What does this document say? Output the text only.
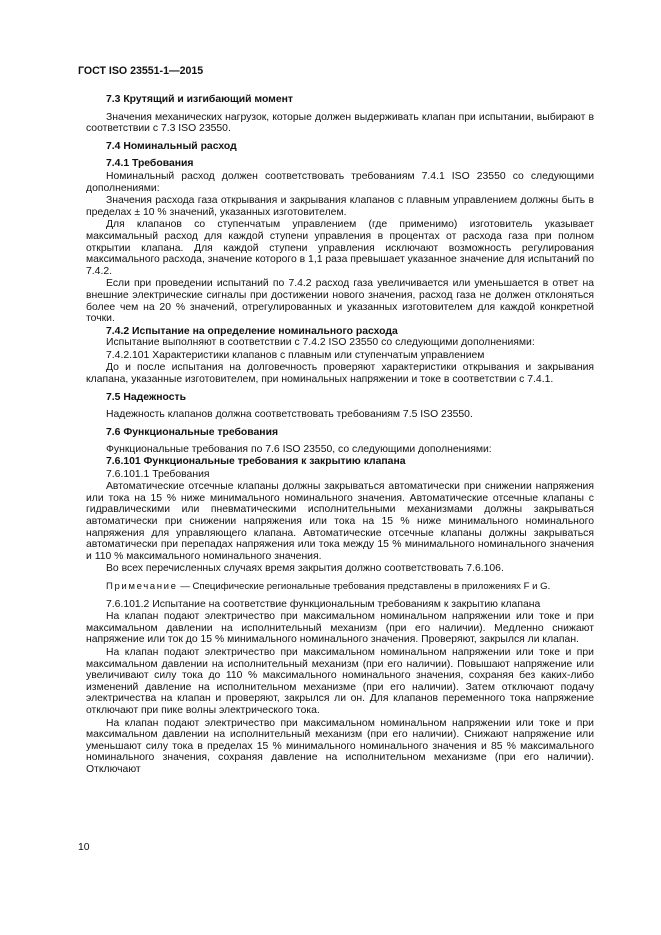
ГОСТ ISO 23551-1—2015

7.3 Крутящий и изгибающий момент

Значения механических нагрузок, которые должен выдерживать клапан при испытании, выбирают в соответствии с 7.3 ISO 23550.

7.4 Номинальный расход

7.4.1 Требования

Номинальный расход должен соответствовать требованиям 7.4.1 ISO 23550 со следующими дополнениями:

Значения расхода газа открывания и закрывания клапанов с плавным управлением должны быть в пределах ± 10 % значений, указанных изготовителем.

Для клапанов со ступенчатым управлением (где применимо) изготовитель указывает максимальный расход для каждой ступени управления в процентах от расхода газа при полном открытии клапана. Для каждой ступени управления исключают возможность регулирования максимального расхода, значение которого в 1,1 раза превышает указанное значение для испытаний по 7.4.2.

Если при проведении испытаний по 7.4.2 расход газа увеличивается или уменьшается в ответ на внешние электрические сигналы при достижении нового значения, расход газа не должен отклоняться более чем на 20 % значений, отрегулированных и указанных изготовителем для каждой конкретной точки.

7.4.2 Испытание на определение номинального расхода

Испытание выполняют в соответствии с 7.4.2 ISO 23550 со следующими дополнениями:

7.4.2.101 Характеристики клапанов с плавным или ступенчатым управлением

До и после испытания на долговечность проверяют характеристики открывания и закрывания клапана, указанные изготовителем, при номинальных напряжении и токе в соответствии с 7.4.1.

7.5 Надежность

Надежность клапанов должна соответствовать требованиям 7.5 ISO 23550.

7.6 Функциональные требования

Функциональные требования по 7.6 ISO 23550, со следующими дополнениями:

7.6.101 Функциональные требования к закрытию клапана

7.6.101.1 Требования

Автоматические отсечные клапаны должны закрываться автоматически при снижении напряжения или тока на 15 % ниже минимального номинального значения. Автоматические отсечные клапаны с гидравлическими или пневматическими исполнительными механизмами должны закрываться автоматически при снижении напряжения или тока на 15 % ниже минимального номинального напряжения для управляющего клапана. Автоматические отсечные клапаны должны закрываться автоматически при перепадах напряжения или тока между 15 % минимального номинального значения и 110 % максимального номинального значения.

Во всех перечисленных случаях время закрытия должно соответствовать 7.6.106.

Примечание — Специфические региональные требования представлены в приложениях F и G.

7.6.101.2 Испытание на соответствие функциональным требованиям к закрытию клапана

На клапан подают электричество при максимальном номинальном напряжении или токе и при максимальном давлении на исполнительный механизм (при его наличии). Медленно снижают напряжение или ток до 15 % минимального номинального значения. Проверяют, закрылся ли клапан.

На клапан подают электричество при максимальном номинальном напряжении или токе и при максимальном давлении на исполнительный механизм (при его наличии). Повышают напряжение или увеличивают силу тока до 110 % максимального номинального значения, сохраняя без каких-либо изменений давление на исполнительном механизме (при его наличии). Затем отключают подачу электричества на клапан и проверяют, закрылся ли он. Для клапанов переменного тока напряжение отключают при пике волны электрического тока.

На клапан подают электричество при максимальном номинальном напряжении или токе и при максимальном давлении на исполнительный механизм (при его наличии). Снижают напряжение или уменьшают силу тока в пределах 15 % минимального номинального значения и 85 % максимального номинального значения, сохраняя давление на исполнительном механизме (при его наличии). Отключают

10
